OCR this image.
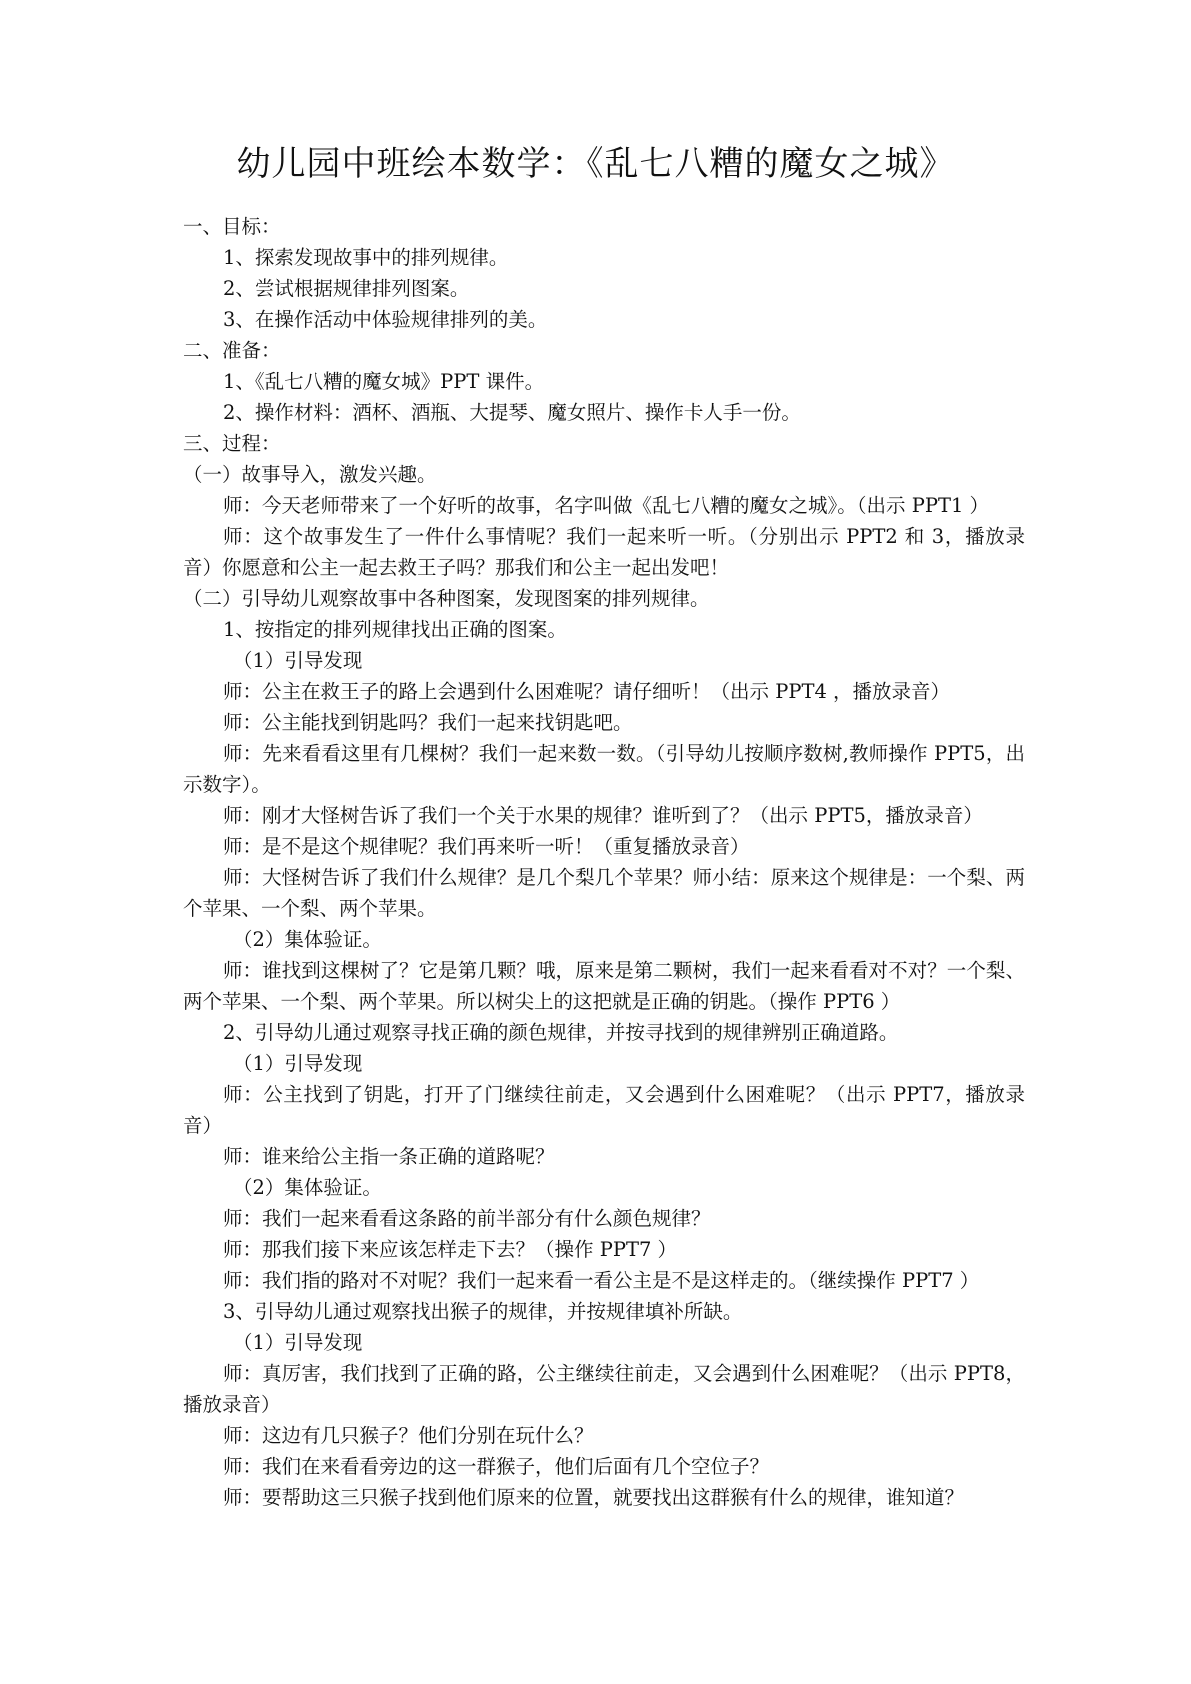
幼儿园中班绘本数学：《乱七八糟的魔女之城》
一、目标：
1、探索发现故事中的排列规律。
2、尝试根据规律排列图案。
3、在操作活动中体验规律排列的美。
二、准备：
1、《乱七八糟的魔女城》PPT 课件。
2、操作材料：酒杯、酒瓶、大提琴、魔女照片、操作卡人手一份。
三、过程：
（一）故事导入，激发兴趣。
师：今天老师带来了一个好听的故事，名字叫做《乱七八糟的魔女之城》。（出示 PPT1 ）
师：这个故事发生了一件什么事情呢？我们一起来听一听。（分别出示 PPT2 和 3，播放录音）你愿意和公主一起去救王子吗？那我们和公主一起出发吧！
（二）引导幼儿观察故事中各种图案，发现图案的排列规律。
1、按指定的排列规律找出正确的图案。
（1）引导发现
师：公主在救王子的路上会遇到什么困难呢？请仔细听！（出示 PPT4 ，播放录音）
师：公主能找到钥匙吗？我们一起来找钥匙吧。
师：先来看看这里有几棵树？我们一起来数一数。（引导幼儿按顺序数树,教师操作 PPT5，出示数字）。
师：刚才大怪树告诉了我们一个关于水果的规律？谁听到了？（出示 PPT5，播放录音）
师：是不是这个规律呢？我们再来听一听！（重复播放录音）
师：大怪树告诉了我们什么规律？是几个梨几个苹果？师小结：原来这个规律是：一个梨、两个苹果、一个梨、两个苹果。
（2）集体验证。
师：谁找到这棵树了？它是第几颗？哦，原来是第二颗树，我们一起来看看对不对？一个梨、两个苹果、一个梨、两个苹果。所以树尖上的这把就是正确的钥匙。（操作 PPT6 ）
2、引导幼儿通过观察寻找正确的颜色规律，并按寻找到的规律辨别正确道路。
（1）引导发现
师：公主找到了钥匙，打开了门继续往前走，又会遇到什么困难呢？（出示 PPT7，播放录音）
师：谁来给公主指一条正确的道路呢？
（2）集体验证。
师：我们一起来看看这条路的前半部分有什么颜色规律？
师：那我们接下来应该怎样走下去？（操作 PPT7 ）
师：我们指的路对不对呢？我们一起来看一看公主是不是这样走的。（继续操作 PPT7 ）
3、引导幼儿通过观察找出猴子的规律，并按规律填补所缺。
（1）引导发现
师：真厉害，我们找到了正确的路，公主继续往前走，又会遇到什么困难呢？（出示 PPT8，播放录音）
师：这边有几只猴子？他们分别在玩什么？
师：我们在来看看旁边的这一群猴子，他们后面有几个空位子？
师：要帮助这三只猴子找到他们原来的位置，就要找出这群猴有什么的规律，谁知道？
